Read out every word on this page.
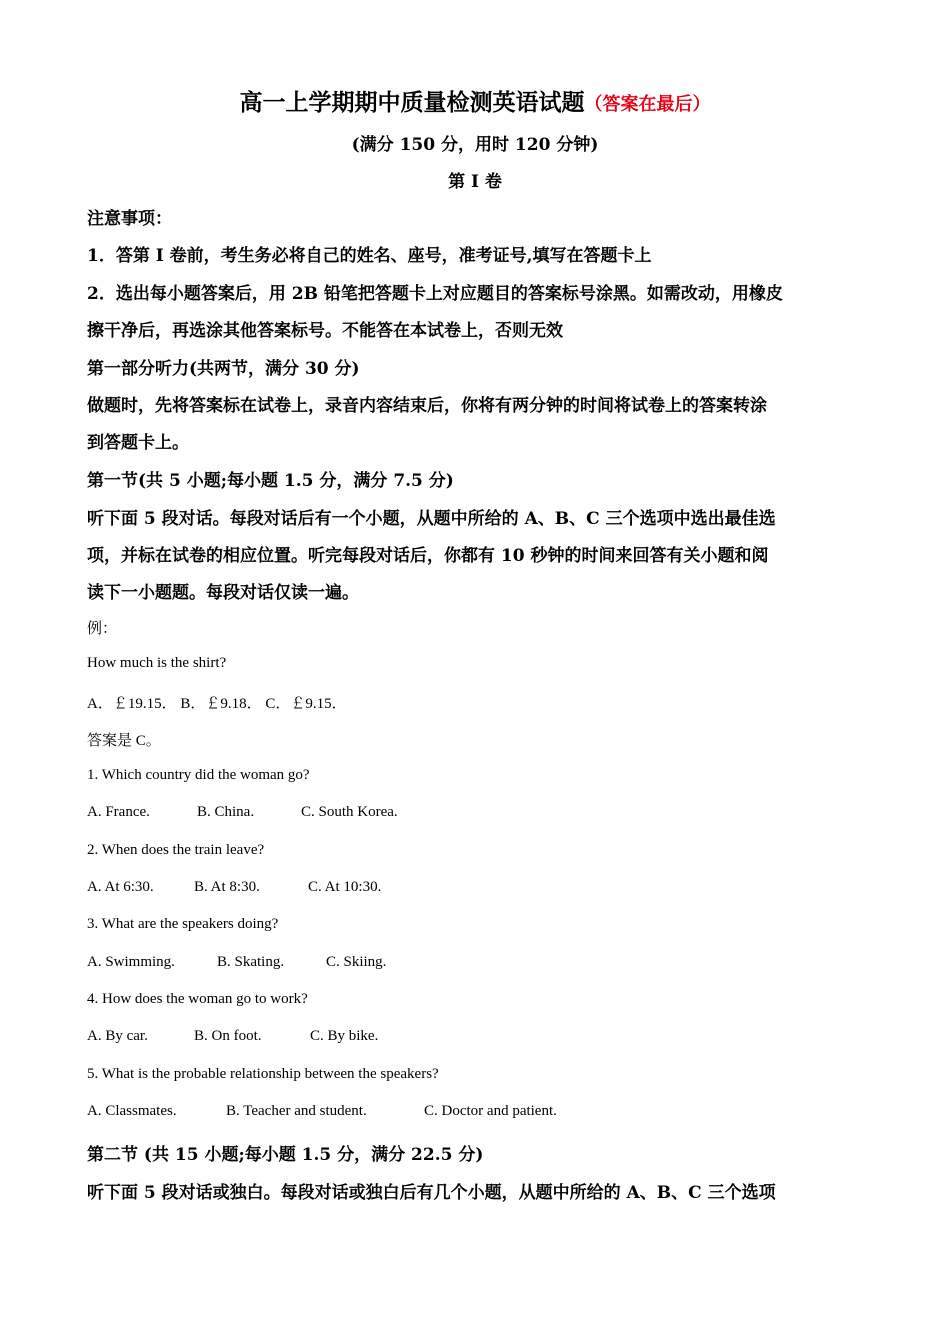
高一上学期期中质量检测英语试题（答案在最后）
(满分 150 分，用时 120 分钟)
第 I 卷
注意事项：
1．答第 I 卷前，考生务必将自己的姓名、座号，准考证号,填写在答题卡上
2．选出每小题答案后，用 2B 铅笔把答题卡上对应题目的答案标号涂黑。如需改动，用橡皮
擦干净后，再选涂其他答案标号。不能答在本试卷上，否则无效
第一部分听力(共两节，满分 30 分)
做题时，先将答案标在试卷上，录音内容结束后，你将有两分钟的时间将试卷上的答案转涂
到答题卡上。
第一节(共 5 小题;每小题 1.5 分，满分 7.5 分)
听下面 5 段对话。每段对话后有一个小题，从题中所给的 A、B、C 三个选项中选出最佳选
项，并标在试卷的相应位置。听完每段对话后，你都有 10 秒钟的时间来回答有关小题和阅
读下一小题题。每段对话仅读一遍。
例：
How much is the shirt?
A．￡19.15． B．￡9.18． C．￡9.15．
答案是 C。
1. Which country did the woman go?
A. France.	B. China.	C. South Korea.
2. When does the train leave?
A. At 6:30.	B. At 8:30.	C. At 10:30.
3. What are the speakers doing?
A. Swimming.	B. Skating.	C. Skiing.
4. How does the woman go to work?
A. By car.	B. On foot.	C. By bike.
5. What is the probable relationship between the speakers?
A. Classmates.	B. Teacher and student.	C. Doctor and patient.
第二节 (共 15 小题;每小题 1.5 分，满分 22.5 分)
听下面 5 段对话或独白。每段对话或独白后有几个小题，从题中所给的 A、B、C 三个选项
